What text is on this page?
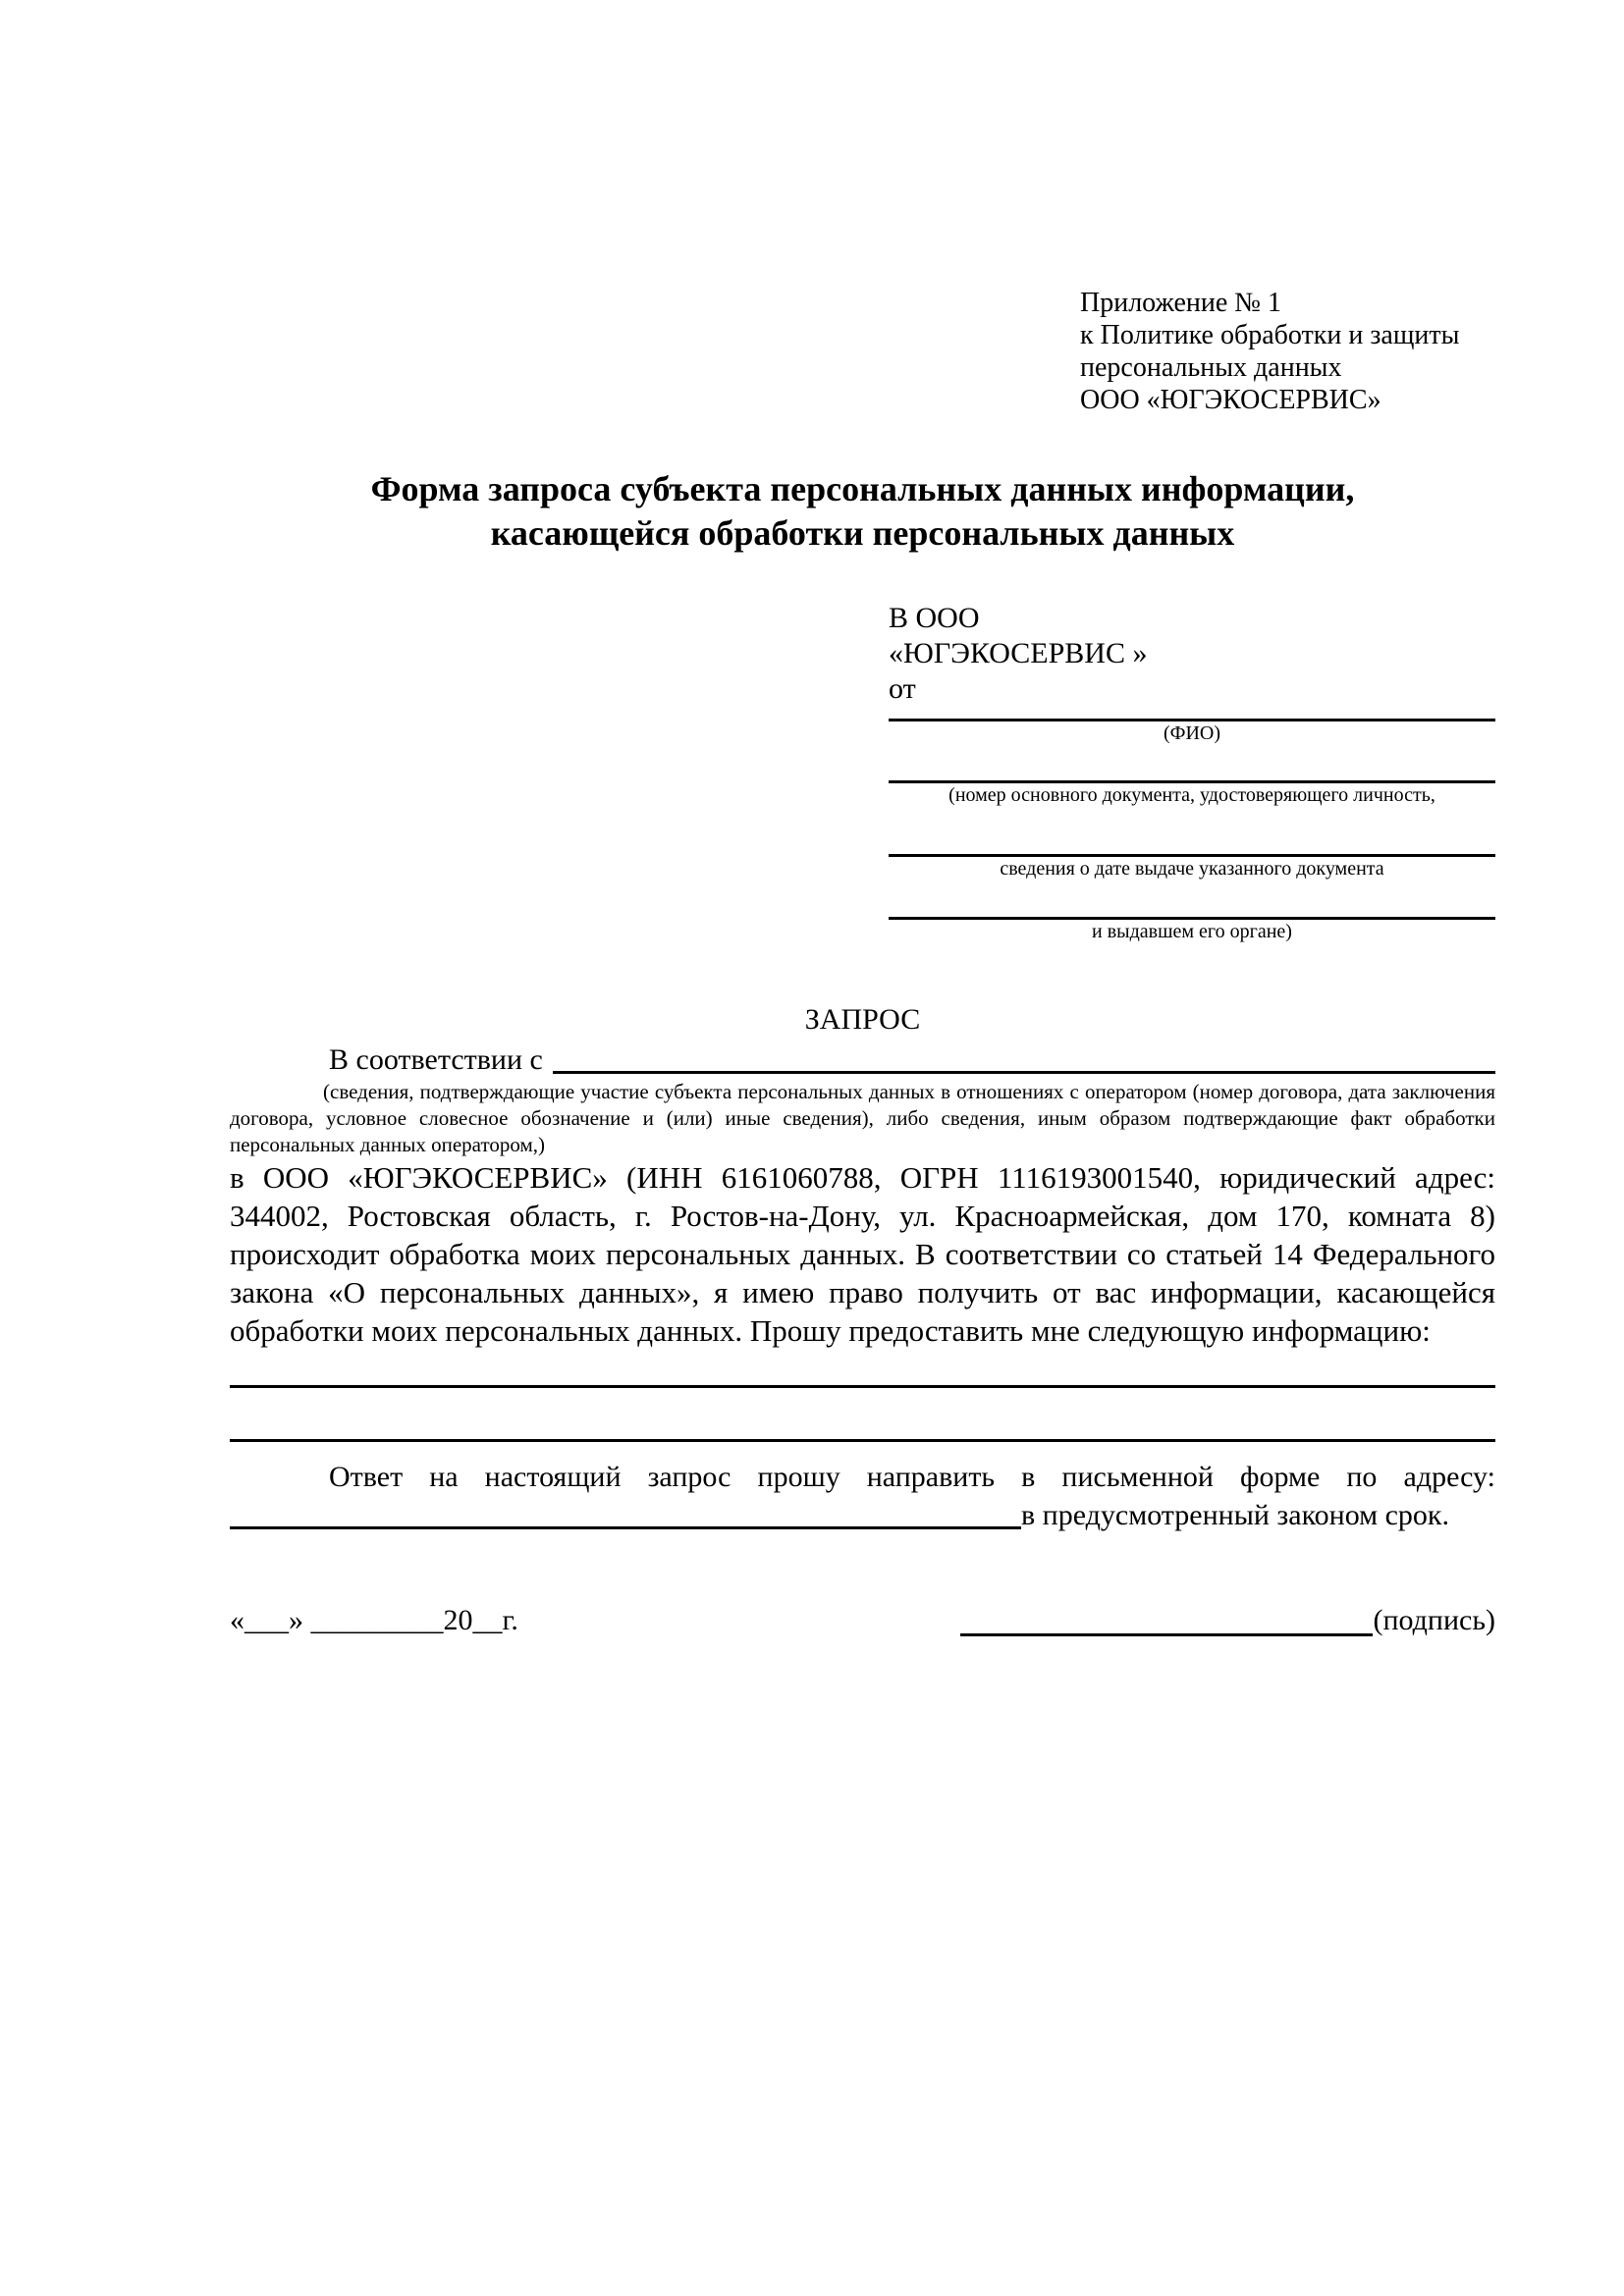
Приложение № 1
к Политике обработки и защиты
персональных данных
ООО «ЮГЭКОСЕРВИС»
Форма запроса субъекта персональных данных информации,
касающейся обработки персональных данных
В ООО
«ЮГЭКОСЕРВИС »
от
(ФИО)
(номер основного документа, удостоверяющего личность,
сведения о дате выдаче указанного документа
и выдавшем его органе)
ЗАПРОС
В соответствии с
(сведения, подтверждающие участие субъекта персональных данных в отношениях с оператором (номер договора, дата заключения договора, условное словесное обозначение и (или) иные сведения), либо сведения, иным образом подтверждающие факт обработки персональных данных оператором,)
в ООО «ЮГЭКОСЕРВИС» (ИНН 6161060788, ОГРН 1116193001540, юридический адрес: 344002, Ростовская область, г. Ростов-на-Дону, ул. Красноармейская, дом 170, комната 8) происходит обработка моих персональных данных. В соответствии со статьей 14 Федерального закона «О персональных данных», я имею право получить от вас информации, касающейся обработки моих персональных данных. Прошу предоставить мне следующую информацию:
Ответ на настоящий запрос прошу направить в письменной форме по адресу:
в предусмотренный законом срок.
«___» _________20__г.	(подпись)
